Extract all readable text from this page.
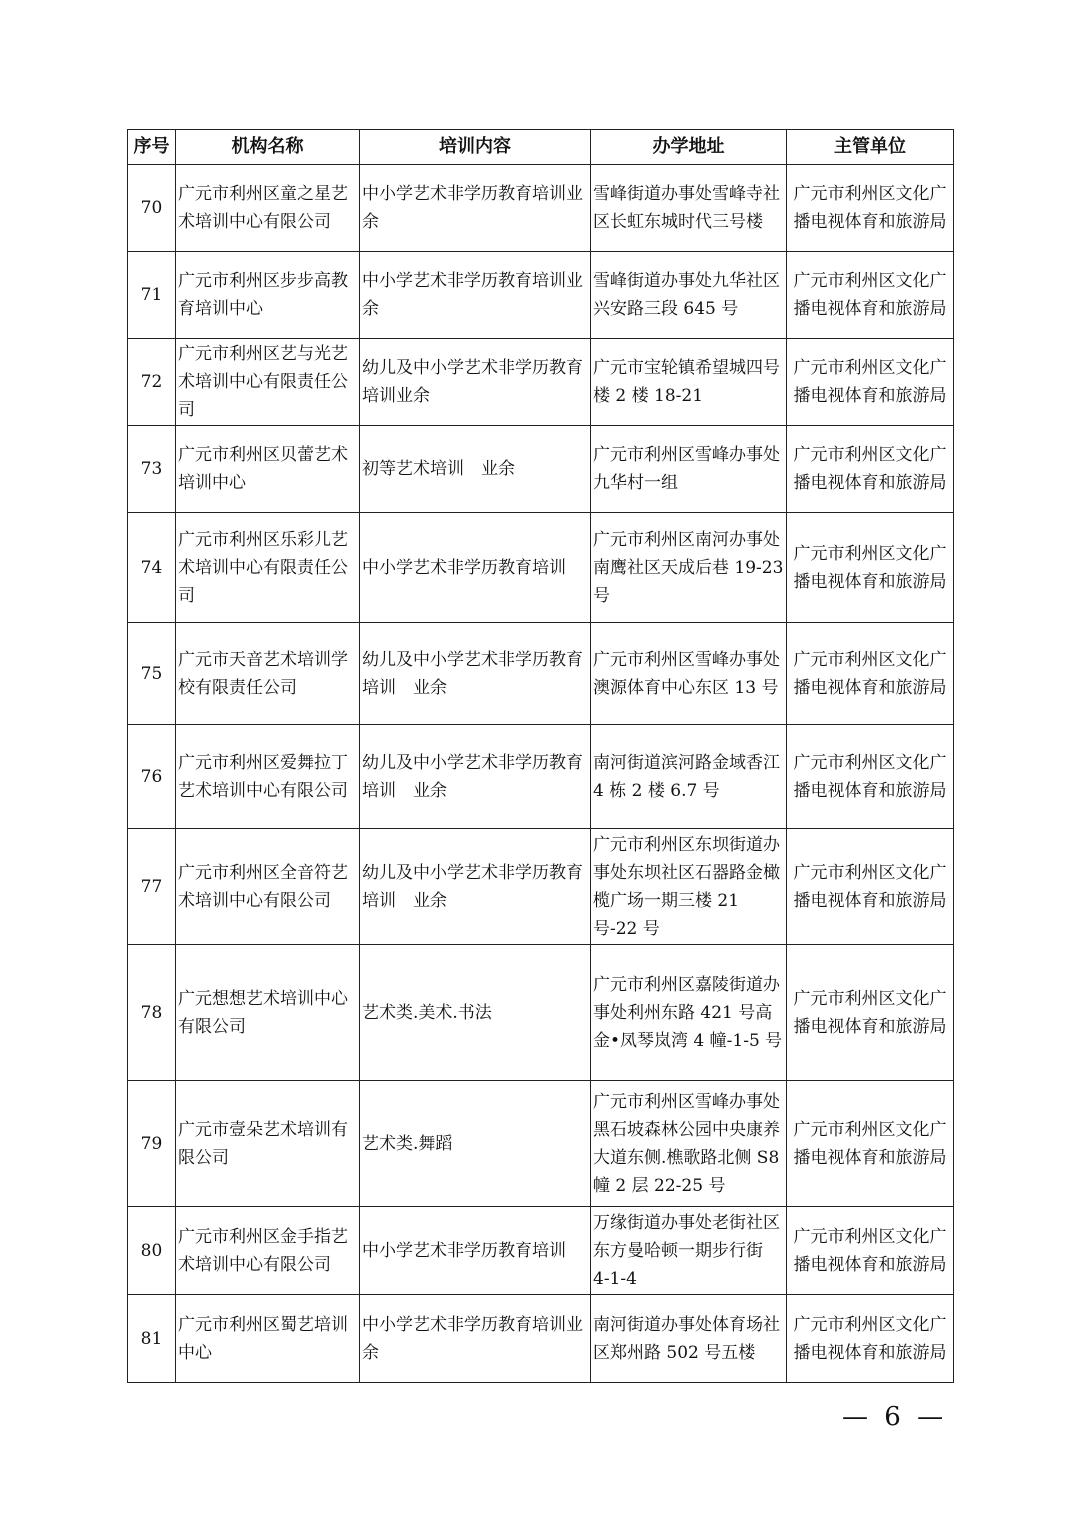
序号	机构名称	培训内容	办学地址	主管单位
70	广元市利州区童之星艺术培训中心有限公司	中小学艺术非学历教育培训业余	雪峰街道办事处雪峰寺社区长虹东城时代三号楼	广元市利州区文化广播电视体育和旅游局
71	广元市利州区步步高教育培训中心	中小学艺术非学历教育培训业余	雪峰街道办事处九华社区兴安路三段 645 号	广元市利州区文化广播电视体育和旅游局
72	广元市利州区艺与光艺术培训中心有限责任公司	幼儿及中小学艺术非学历教育培训业余	广元市宝轮镇希望城四号楼 2 楼 18-21	广元市利州区文化广播电视体育和旅游局
73	广元市利州区贝蕾艺术培训中心	初等艺术培训　业余	广元市利州区雪峰办事处九华村一组	广元市利州区文化广播电视体育和旅游局
74	广元市利州区乐彩儿艺术培训中心有限责任公司	中小学艺术非学历教育培训	广元市利州区南河办事处南鹰社区天成后巷 19-23 号	广元市利州区文化广播电视体育和旅游局
75	广元市天音艺术培训学校有限责任公司	幼儿及中小学艺术非学历教育培训　业余	广元市利州区雪峰办事处澳源体育中心东区 13 号	广元市利州区文化广播电视体育和旅游局
76	广元市利州区爱舞拉丁艺术培训中心有限公司	幼儿及中小学艺术非学历教育培训　业余	南河街道滨河路金域香江 4 栋 2 楼 6.7 号	广元市利州区文化广播电视体育和旅游局
77	广元市利州区全音符艺术培训中心有限公司	幼儿及中小学艺术非学历教育培训　业余	广元市利州区东坝街道办事处东坝社区石器路金橄榄广场一期三楼 21 号-22 号	广元市利州区文化广播电视体育和旅游局
78	广元想想艺术培训中心有限公司	艺术类.美术.书法	广元市利州区嘉陵街道办事处利州东路 421 号高金•凤琴岚湾 4 幢-1-5 号	广元市利州区文化广播电视体育和旅游局
79	广元市壹朵艺术培训有限公司	艺术类.舞蹈	广元市利州区雪峰办事处黑石坡森林公园中央康养大道东侧.樵歌路北侧 S8 幢 2 层 22-25 号	广元市利州区文化广播电视体育和旅游局
80	广元市利州区金手指艺术培训中心有限公司	中小学艺术非学历教育培训	万缘街道办事处老街社区东方曼哈顿一期步行街 4-1-4	广元市利州区文化广播电视体育和旅游局
81	广元市利州区蜀艺培训中心	中小学艺术非学历教育培训业余	南河街道办事处体育场社区郑州路 502 号五楼	广元市利州区文化广播电视体育和旅游局
— 6 —
